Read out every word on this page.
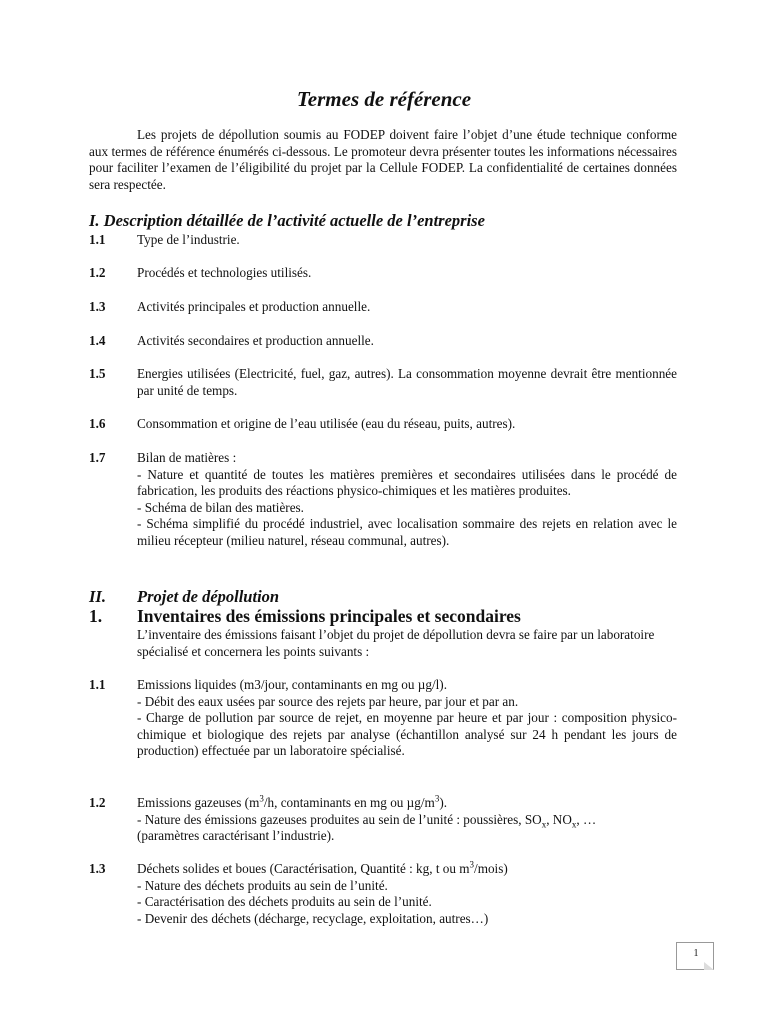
Termes de référence

Les projets de dépollution soumis au FODEP doivent faire l’objet d’une étude technique conforme aux termes de référence énumérés ci-dessous. Le promoteur devra présenter toutes les informations nécessaires pour faciliter l’examen de l’éligibilité du projet par la Cellule FODEP. La confidentialité de certaines données sera respectée.

I. Description détaillée de l’activité actuelle de l’entreprise
1.1	Type de l’industrie.

1.2	Procédés et technologies utilisés.

1.3	Activités principales et production annuelle.

1.4	Activités secondaires et production annuelle.

1.5	Energies utilisées (Electricité, fuel, gaz, autres). La consommation moyenne devrait être mentionnée par unité de temps.

1.6	Consommation et origine de l’eau utilisée (eau du réseau, puits, autres).

1.7	Bilan de matières :

- Nature et quantité de toutes les matières premières et secondaires utilisées dans le procédé de fabrication, les produits des réactions physico-chimiques et les matières produites.

- Schéma de bilan des matières.

- Schéma simplifié du procédé industriel, avec localisation sommaire des rejets en relation avec le milieu récepteur (milieu naturel, réseau communal, autres).

II.	Projet de dépollution
1.	Inventaires des émissions principales et secondaires

L’inventaire des émissions faisant l’objet du projet de dépollution devra se faire par un laboratoire spécialisé et concernera les points suivants :

1.1	Emissions liquides (m3/jour, contaminants en mg ou µg/l).

- Débit des eaux usées par source des rejets par heure, par jour et par an.

- Charge de pollution par source de rejet, en moyenne par heure et par jour : composition physico-chimique et biologique des rejets par analyse (échantillon analysé sur 24 h pendant les jours de production) effectuée par un laboratoire spécialisé.

1.2	Emissions gazeuses ($m^3/h$, contaminants en mg ou $\mu g/m^3$).

- Nature des émissions gazeuses produites au sein de l’unité : poussières, $SO_x$, $NO_x$, …

(paramètres caractérisant l’industrie).

1.3	Déchets solides et boues (Caractérisation, Quantité : kg, t ou $m^3/mois$)

- Nature des déchets produits au sein de l’unité.

- Caractérisation des déchets produits au sein de l’unité.

- Devenir des déchets (décharge, recyclage, exploitation, autres…)

1
